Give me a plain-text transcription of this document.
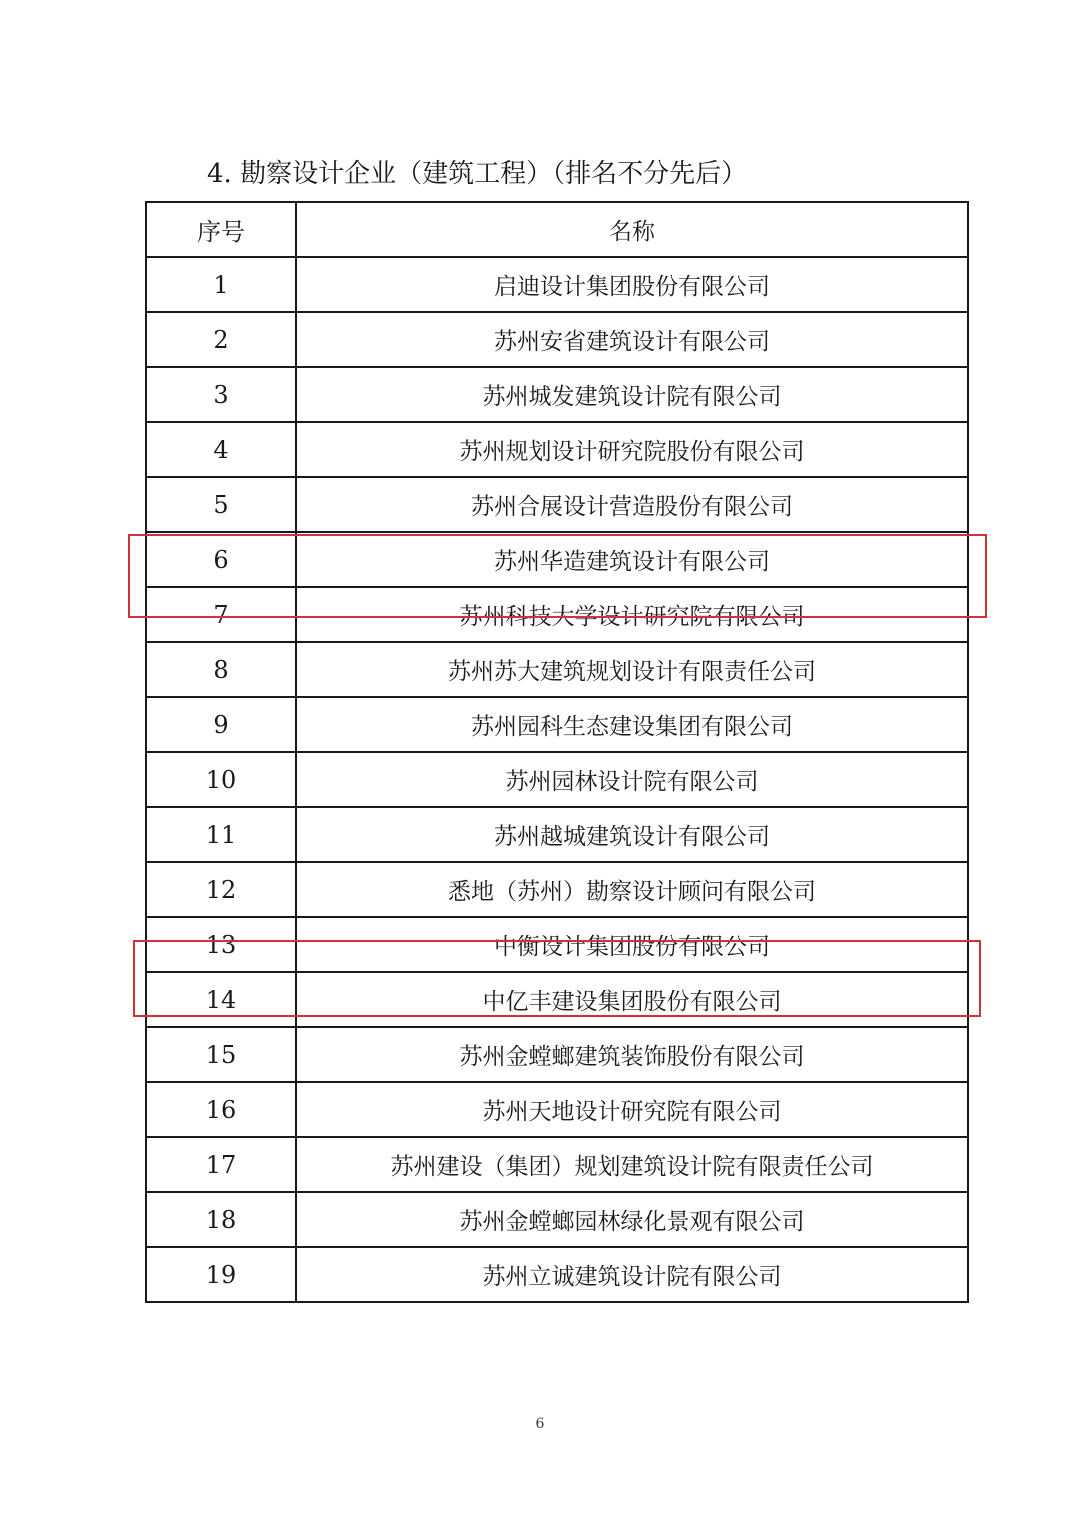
4. 勘察设计企业（建筑工程）（排名不分先后）
序号	名称
1	启迪设计集团股份有限公司
2	苏州安省建筑设计有限公司
3	苏州城发建筑设计院有限公司
4	苏州规划设计研究院股份有限公司
5	苏州合展设计营造股份有限公司
6	苏州华造建筑设计有限公司
7	苏州科技大学设计研究院有限公司
8	苏州苏大建筑规划设计有限责任公司
9	苏州园科生态建设集团有限公司
10	苏州园林设计院有限公司
11	苏州越城建筑设计有限公司
12	悉地（苏州）勘察设计顾问有限公司
13	中衡设计集团股份有限公司
14	中亿丰建设集团股份有限公司
15	苏州金螳螂建筑装饰股份有限公司
16	苏州天地设计研究院有限公司
17	苏州建设（集团）规划建筑设计院有限责任公司
18	苏州金螳螂园林绿化景观有限公司
19	苏州立诚建筑设计院有限公司
6
